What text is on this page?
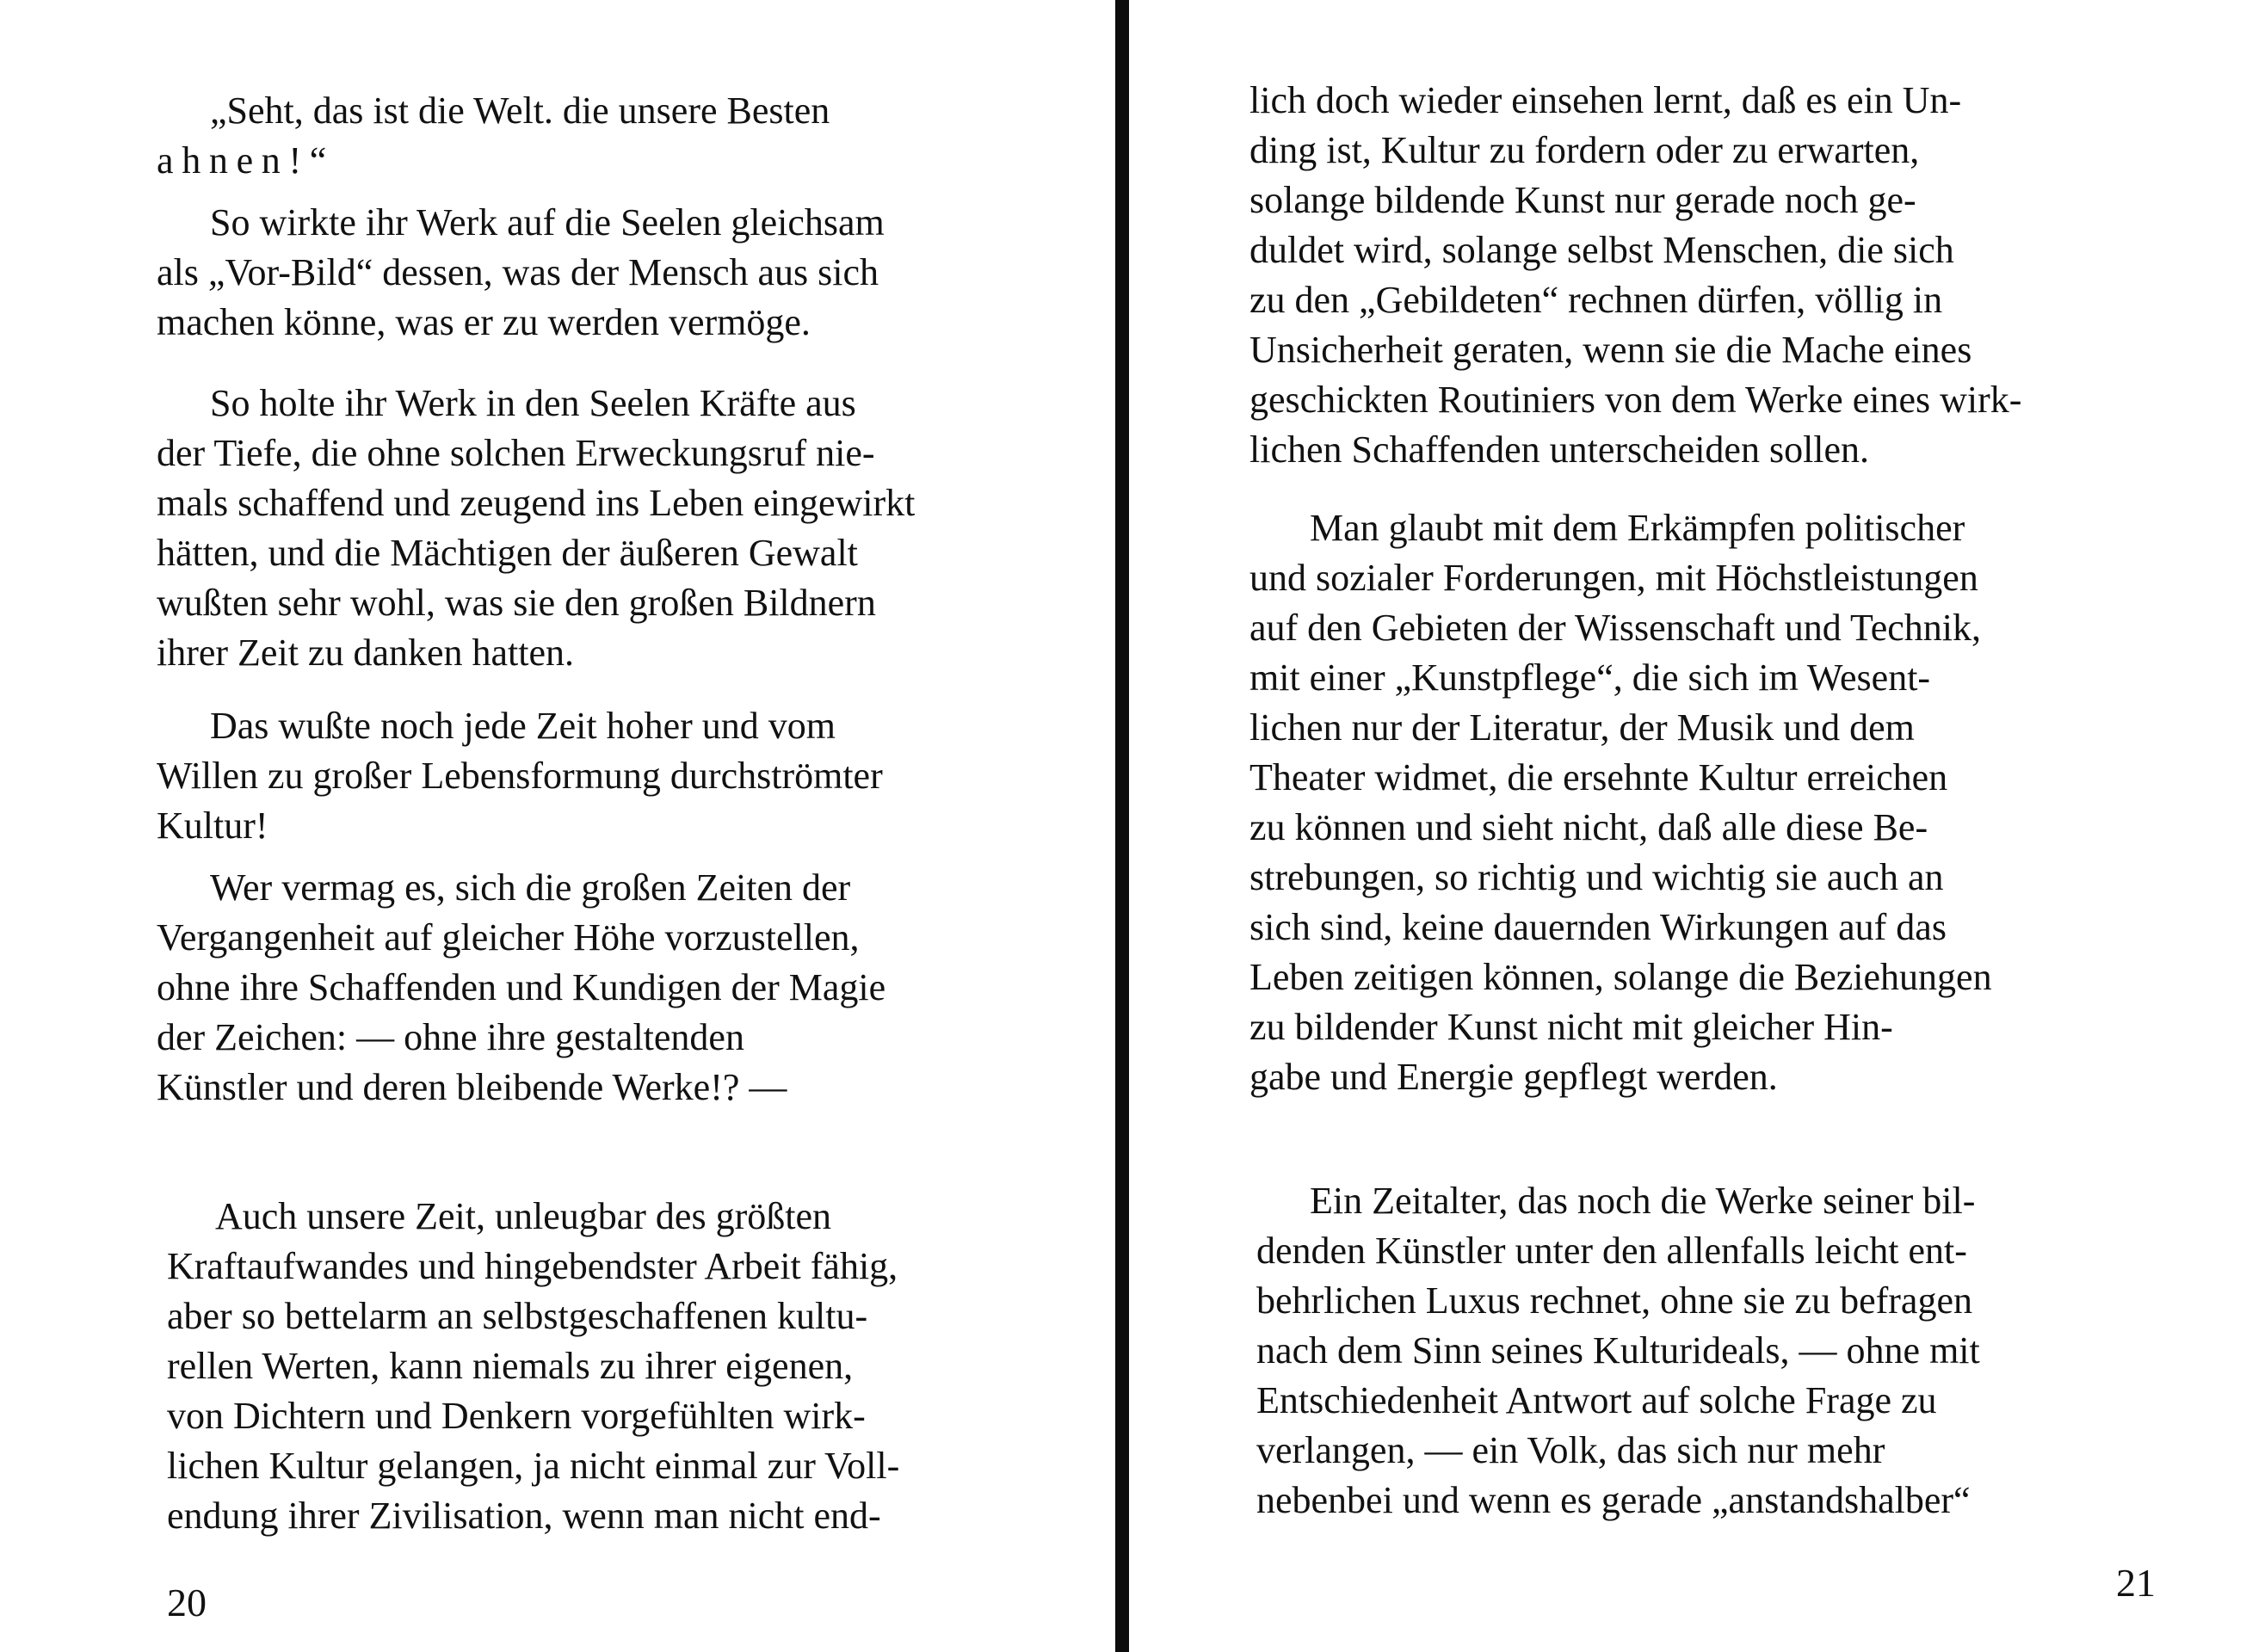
„Seht, das ist die Welt. die unsere Besten
ahnen!“
So wirkte ihr Werk auf die Seelen gleichsam
als „Vor-Bild“ dessen, was der Mensch aus sich
machen könne, was er zu werden vermöge.
So holte ihr Werk in den Seelen Kräfte aus
der Tiefe, die ohne solchen Erweckungsruf nie-
mals schaffend und zeugend ins Leben eingewirkt
hätten, und die Mächtigen der äußeren Gewalt
wußten sehr wohl, was sie den großen Bildnern
ihrer Zeit zu danken hatten.
Das wußte noch jede Zeit hoher und vom
Willen zu großer Lebensformung durchströmter
Kultur!
Wer vermag es, sich die großen Zeiten der
Vergangenheit auf gleicher Höhe vorzustellen,
ohne ihre Schaffenden und Kundigen der Magie
der Zeichen: — ohne ihre gestaltenden
Künstler und deren bleibende Werke!? —
Auch unsere Zeit, unleugbar des größten
Kraftaufwandes und hingebendster Arbeit fähig,
aber so bettelarm an selbstgeschaffenen kultu-
rellen Werten, kann niemals zu ihrer eigenen,
von Dichtern und Denkern vorgefühlten wirk-
lichen Kultur gelangen, ja nicht einmal zur Voll-
endung ihrer Zivilisation, wenn man nicht end-
20
lich doch wieder einsehen lernt, daß es ein Un-
ding ist, Kultur zu fordern oder zu erwarten,
solange bildende Kunst nur gerade noch ge-
duldet wird, solange selbst Menschen, die sich
zu den „Gebildeten“ rechnen dürfen, völlig in
Unsicherheit geraten, wenn sie die Mache eines
geschickten Routiniers von dem Werke eines wirk-
lichen Schaffenden unterscheiden sollen.
Man glaubt mit dem Erkämpfen politischer
und sozialer Forderungen, mit Höchstleistungen
auf den Gebieten der Wissenschaft und Technik,
mit einer „Kunstpflege“, die sich im Wesent-
lichen nur der Literatur, der Musik und dem
Theater widmet, die ersehnte Kultur erreichen
zu können und sieht nicht, daß alle diese Be-
strebungen, so richtig und wichtig sie auch an
sich sind, keine dauernden Wirkungen auf das
Leben zeitigen können, solange die Beziehungen
zu bildender Kunst nicht mit gleicher Hin-
gabe und Energie gepflegt werden.
Ein Zeitalter, das noch die Werke seiner bil-
denden Künstler unter den allenfalls leicht ent-
behrlichen Luxus rechnet, ohne sie zu befragen
nach dem Sinn seines Kulturideals, — ohne mit
Entschiedenheit Antwort auf solche Frage zu
verlangen, — ein Volk, das sich nur mehr
nebenbei und wenn es gerade „anstandshalber“
21
